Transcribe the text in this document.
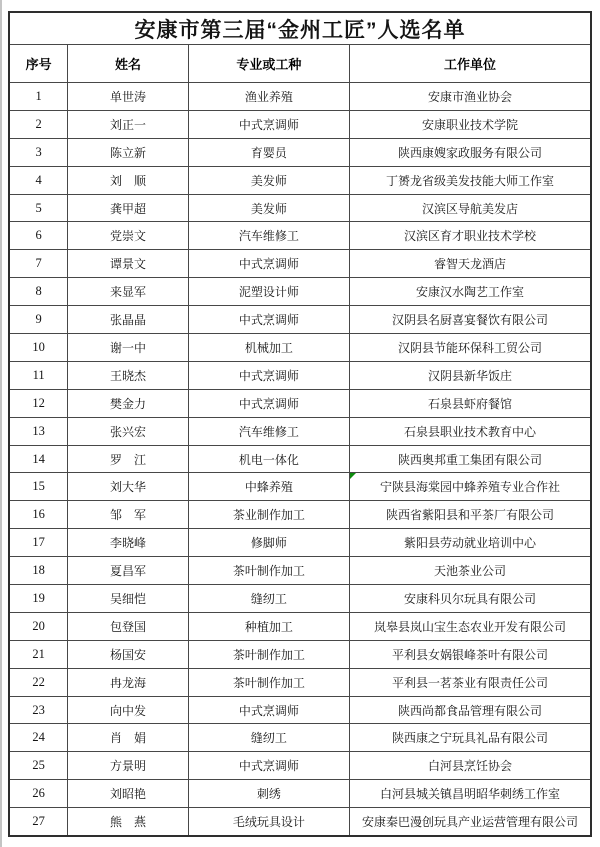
安康市第三届“金州工匠”人选名单			
序号	姓名	专业或工种	工作单位
1	单世涛	渔业养殖	安康市渔业协会
2	刘正一	中式烹调师	安康职业技术学院
3	陈立新	育婴员	陕西康嫂家政服务有限公司
4	刘　顺	美发师	丁赟龙省级美发技能大师工作室
5	龚甲超	美发师	汉滨区导航美发店
6	党崇文	汽车维修工	汉滨区育才职业技术学校
7	谭景文	中式烹调师	睿智天龙酒店
8	来显军	泥塑设计师	安康汉水陶艺工作室
9	张晶晶	中式烹调师	汉阴县名厨喜宴餐饮有限公司
10	谢一中	机械加工	汉阴县节能环保科工贸公司
11	王晓杰	中式烹调师	汉阴县新华饭庄
12	樊金力	中式烹调师	石泉县虾府餐馆
13	张兴宏	汽车维修工	石泉县职业技术教育中心
14	罗　江	机电一体化	陕西奥邦重工集团有限公司
15	刘大华	中蜂养殖	宁陕县海棠园中蜂养殖专业合作社

16	邹　军	茶业制作加工	陕西省紫阳县和平茶厂有限公司
17	李晓峰	修脚师	紫阳县劳动就业培训中心
18	夏昌军	茶叶制作加工	天池茶业公司
19	吴细恺	缝纫工	安康科贝尔玩具有限公司
20	包登国	种植加工	岚皋县岚山宝生态农业开发有限公司
21	杨国安	茶叶制作加工	平利县女娲银峰茶叶有限公司
22	冉龙海	茶叶制作加工	平利县一茗茶业有限责任公司
23	向中发	中式烹调师	陕西尚都食品管理有限公司
24	肖　娟	缝纫工	陕西康之宁玩具礼品有限公司
25	方景明	中式烹调师	白河县烹饪协会
26	刘昭艳	刺绣	白河县城关镇昌明昭华刺绣工作室
27	熊　燕	毛绒玩具设计	安康秦巴漫创玩具产业运营管理有限公司
